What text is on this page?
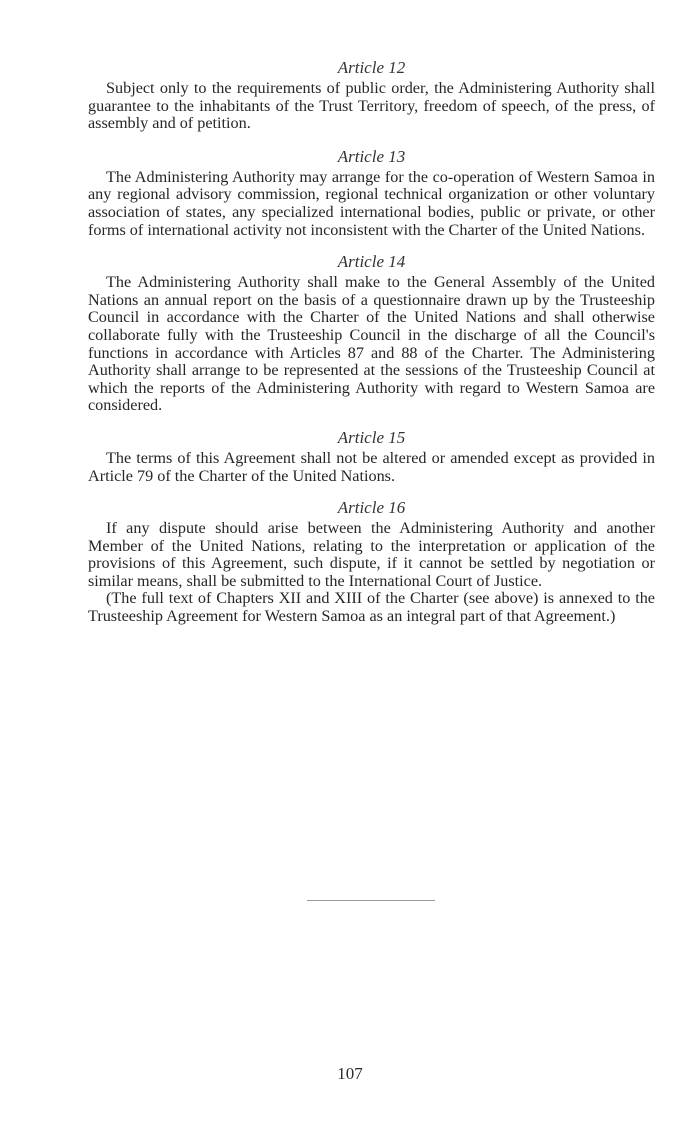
Article 12

Subject only to the requirements of public order, the Administering Authority shall guarantee to the inhabitants of the Trust Territory, freedom of speech, of the press, of assembly and of petition.

Article 13

The Administering Authority may arrange for the co-operation of Western Samoa in any regional advisory commission, regional technical organization or other voluntary association of states, any specialized international bodies, public or private, or other forms of international activity not inconsistent with the Charter of the United Nations.

Article 14

The Administering Authority shall make to the General Assembly of the United Nations an annual report on the basis of a questionnaire drawn up by the Trusteeship Council in accordance with the Charter of the United Nations and shall otherwise collaborate fully with the Trusteeship Council in the discharge of all the Council's functions in accordance with Articles 87 and 88 of the Charter. The Administering Authority shall arrange to be represented at the sessions of the Trusteeship Council at which the reports of the Administering Authority with regard to Western Samoa are considered.

Article 15

The terms of this Agreement shall not be altered or amended except as provided in Article 79 of the Charter of the United Nations.

Article 16

If any dispute should arise between the Administering Authority and another Member of the United Nations, relating to the interpretation or application of the provisions of this Agreement, such dispute, if it cannot be settled by negotiation or similar means, shall be submitted to the International Court of Justice.

(The full text of Chapters XII and XIII of the Charter (see above) is annexed to the Trusteeship Agreement for Western Samoa as an integral part of that Agreement.)

107
